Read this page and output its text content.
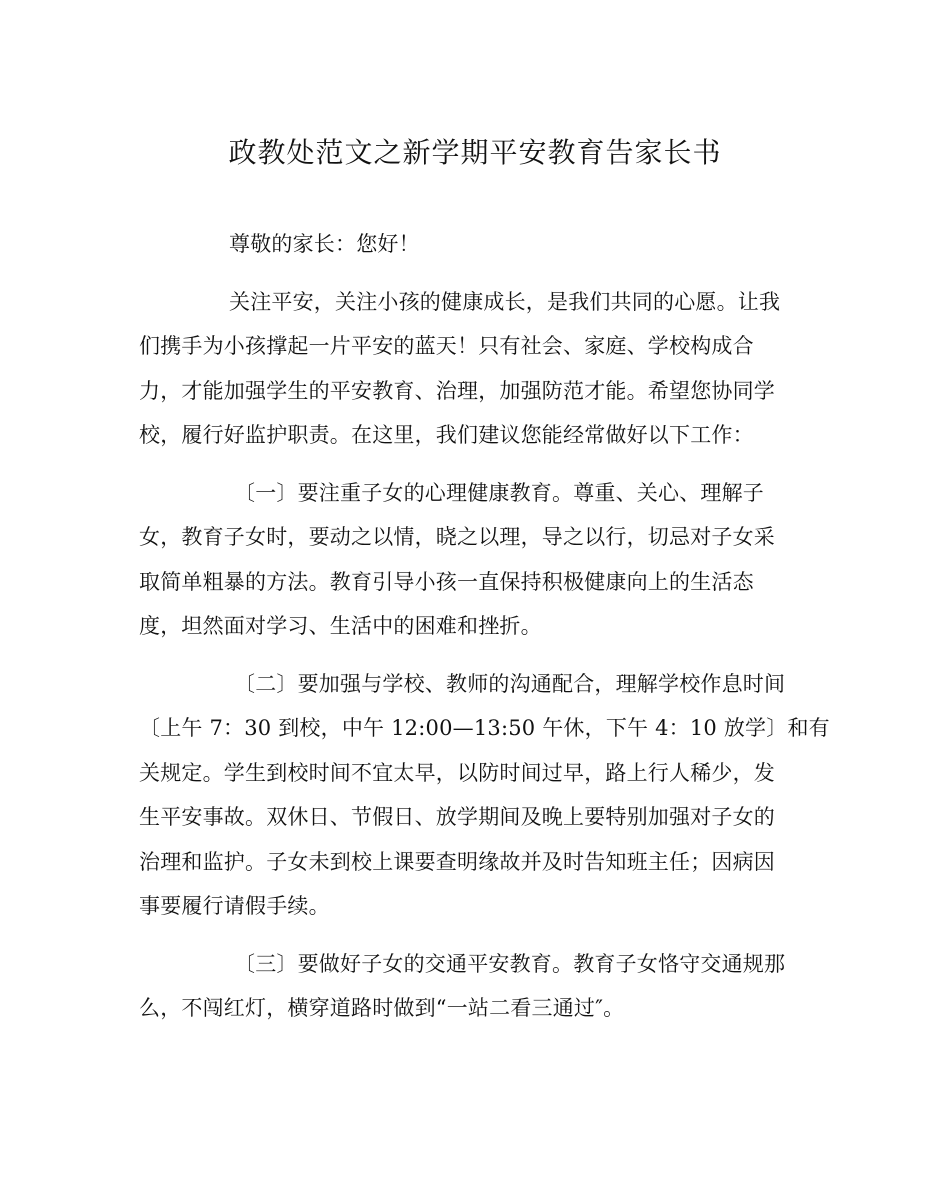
政教处范文之新学期平安教育告家长书
尊敬的家长：您好！
关注平安，关注小孩的健康成长，是我们共同的心愿。让我
们携手为小孩撑起一片平安的蓝天！只有社会、家庭、学校构成合
力，才能加强学生的平安教育、治理，加强防范才能。希望您协同学
校，履行好监护职责。在这里，我们建议您能经常做好以下工作：
〔一〕要注重子女的心理健康教育。尊重、关心、理解子
女，教育子女时，要动之以情，晓之以理，导之以行，切忌对子女采
取简单粗暴的方法。教育引导小孩一直保持积极健康向上的生活态
度，坦然面对学习、生活中的困难和挫折。
〔二〕要加强与学校、教师的沟通配合，理解学校作息时间
〔上午 7：30 到校，中午 12:00—13:50 午休，下午 4：10 放学〕和有
关规定。学生到校时间不宜太早，以防时间过早，路上行人稀少，发
生平安事故。双休日、节假日、放学期间及晚上要特别加强对子女的
治理和监护。子女未到校上课要查明缘故并及时告知班主任；因病因
事要履行请假手续。
〔三〕要做好子女的交通平安教育。教育子女恪守交通规那
么，不闯红灯，横穿道路时做到“一站二看三通过″。
